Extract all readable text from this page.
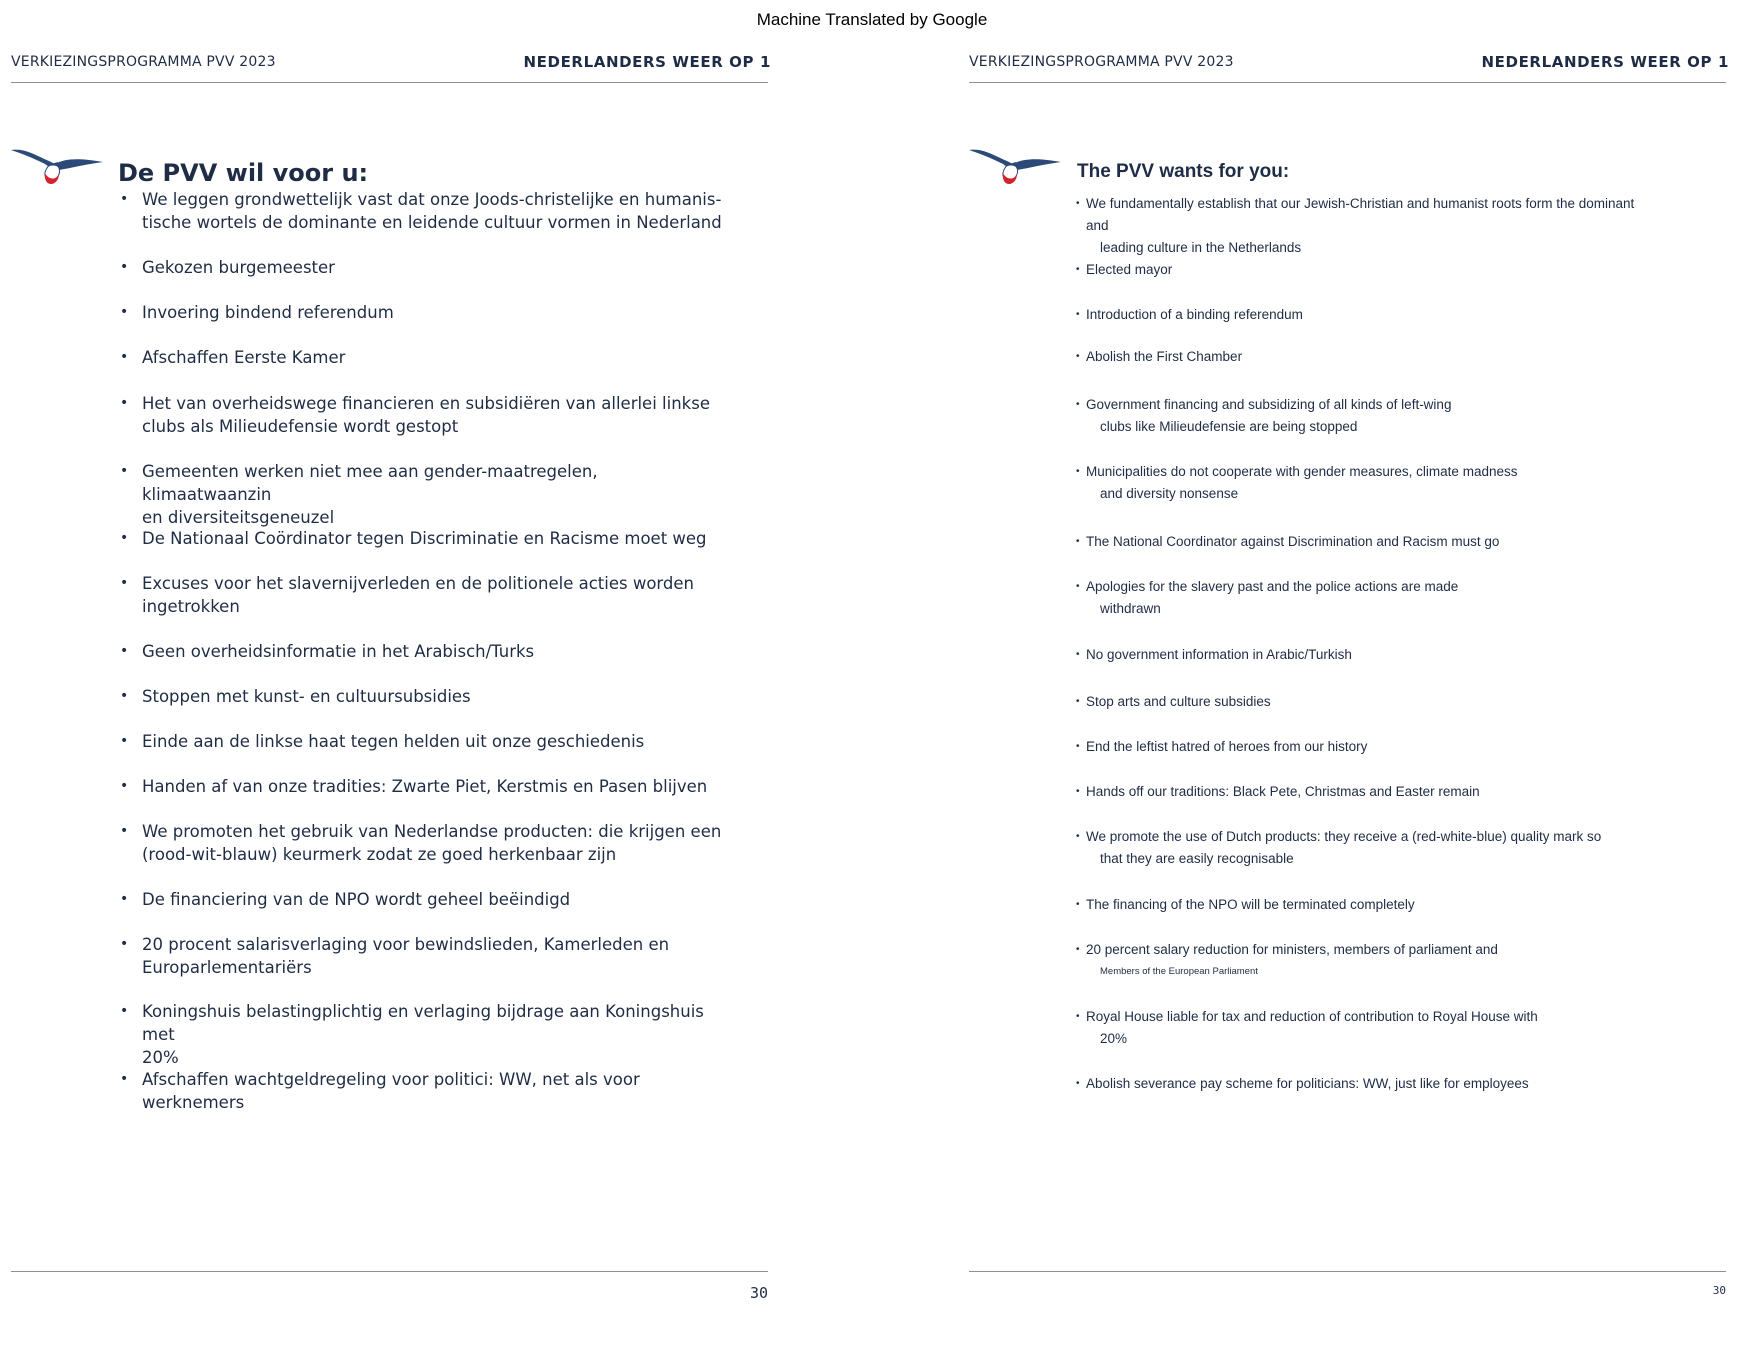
Machine Translated by Google
VERKIEZINGSPROGRAMMA PVV 2023	NEDERLANDERS WEER OP 1
De PVV wil voor u:
• We leggen grondwettelijk vast dat onze Joods-christelijke en humanis-
tische wortels de dominante en leidende cultuur vormen in Nederland
• Gekozen burgemeester
• Invoering bindend referendum
• Afschaffen Eerste Kamer
• Het van overheidswege financieren en subsidiëren van allerlei linkse
clubs als Milieudefensie wordt gestopt
• Gemeenten werken niet mee aan gender-maatregelen, klimaatwaanzin
en diversiteitsgeneuzel
• De Nationaal Coördinator tegen Discriminatie en Racisme moet weg
• Excuses voor het slavernijverleden en de politionele acties worden
ingetrokken
• Geen overheidsinformatie in het Arabisch/Turks
• Stoppen met kunst- en cultuursubsidies
• Einde aan de linkse haat tegen helden uit onze geschiedenis
• Handen af van onze tradities: Zwarte Piet, Kerstmis en Pasen blijven
• We promoten het gebruik van Nederlandse producten: die krijgen een
(rood-wit-blauw) keurmerk zodat ze goed herkenbaar zijn
• De financiering van de NPO wordt geheel beëindigd
• 20 procent salarisverlaging voor bewindslieden, Kamerleden en
Europarlementariërs
• Koningshuis belastingplichtig en verlaging bijdrage aan Koningshuis met
20%
• Afschaffen wachtgeldregeling voor politici: WW, net als voor werknemers
30
VERKIEZINGSPROGRAMMA PVV 2023	NEDERLANDERS WEER OP 1
The PVV wants for you:
• We fundamentally establish that our Jewish-Christian and humanist roots form the dominant and
leading culture in the Netherlands
• Elected mayor
• Introduction of a binding referendum
• Abolish the First Chamber
• Government financing and subsidizing of all kinds of left-wing
clubs like Milieudefensie are being stopped
• Municipalities do not cooperate with gender measures, climate madness
and diversity nonsense
• The National Coordinator against Discrimination and Racism must go
• Apologies for the slavery past and the police actions are made
withdrawn
• No government information in Arabic/Turkish
• Stop arts and culture subsidies
• End the leftist hatred of heroes from our history
• Hands off our traditions: Black Pete, Christmas and Easter remain
• We promote the use of Dutch products: they receive a (red-white-blue) quality mark so
that they are easily recognisable
• The financing of the NPO will be terminated completely
• 20 percent salary reduction for ministers, members of parliament and
Members of the European Parliament
• Royal House liable for tax and reduction of contribution to Royal House with
20%
• Abolish severance pay scheme for politicians: WW, just like for employees
30
